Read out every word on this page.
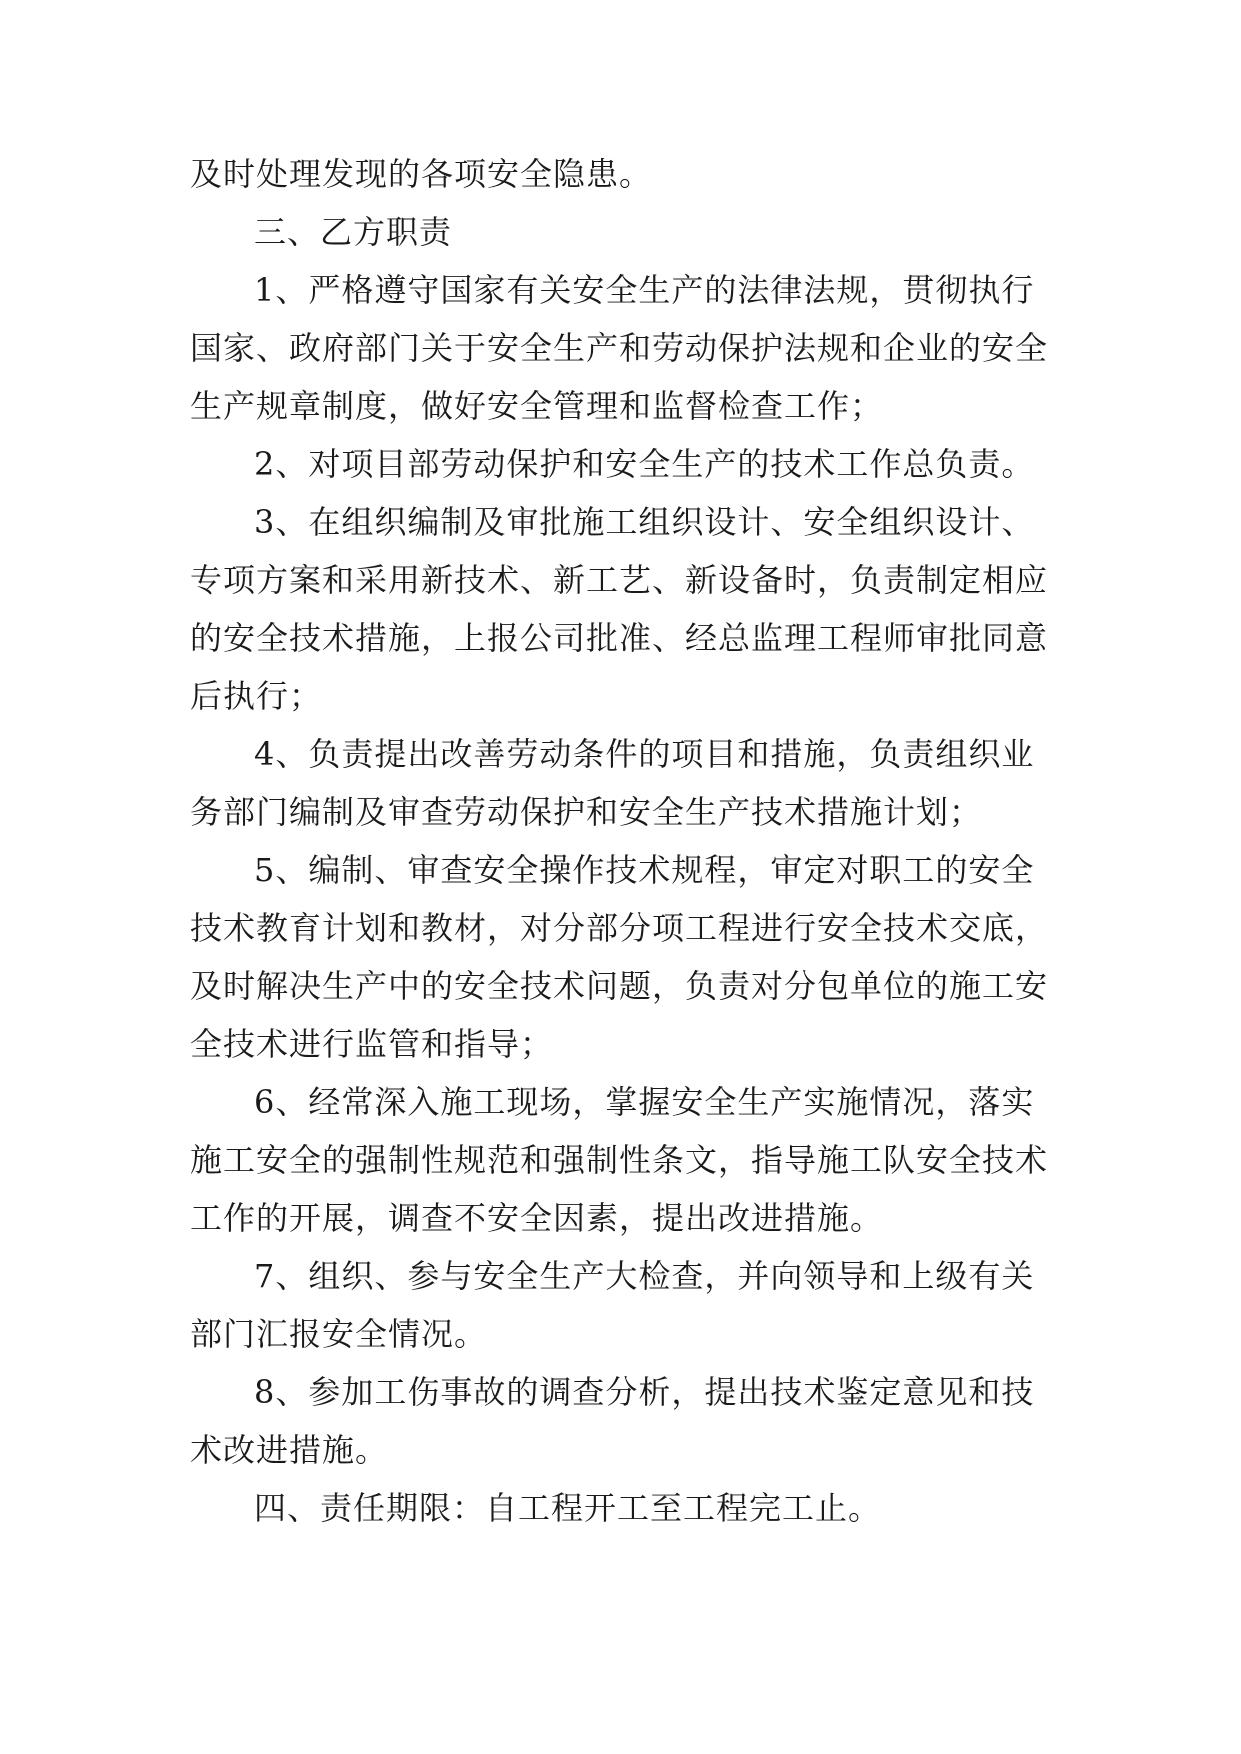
及时处理发现的各项安全隐患。
三、乙方职责
1、严格遵守国家有关安全生产的法律法规，贯彻执行
国家、政府部门关于安全生产和劳动保护法规和企业的安全
生产规章制度，做好安全管理和监督检查工作；
2、对项目部劳动保护和安全生产的技术工作总负责。
3、在组织编制及审批施工组织设计、安全组织设计、
专项方案和采用新技术、新工艺、新设备时，负责制定相应
的安全技术措施，上报公司批准、经总监理工程师审批同意
后执行；
4、负责提出改善劳动条件的项目和措施，负责组织业
务部门编制及审查劳动保护和安全生产技术措施计划；
5、编制、审查安全操作技术规程，审定对职工的安全
技术教育计划和教材，对分部分项工程进行安全技术交底，
及时解决生产中的安全技术问题，负责对分包单位的施工安
全技术进行监管和指导；
6、经常深入施工现场，掌握安全生产实施情况，落实
施工安全的强制性规范和强制性条文，指导施工队安全技术
工作的开展，调查不安全因素，提出改进措施。
7、组织、参与安全生产大检查，并向领导和上级有关
部门汇报安全情况。
8、参加工伤事故的调查分析，提出技术鉴定意见和技
术改进措施。
四、责任期限：自工程开工至工程完工止。
